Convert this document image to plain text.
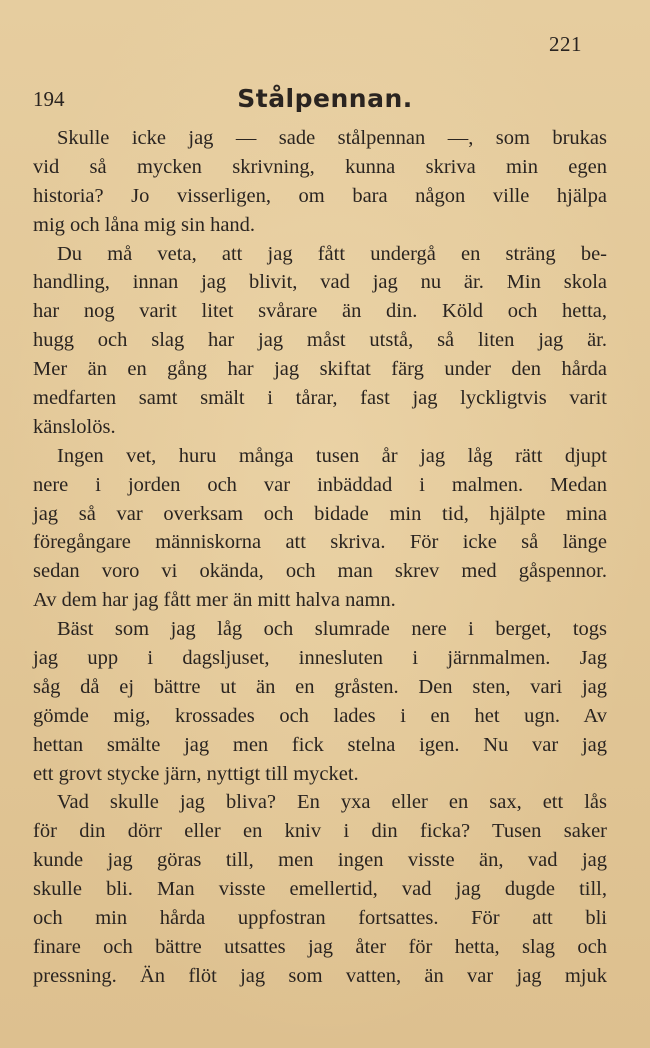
221
194	Stålpennan.
Skulle icke jag — sade stålpennan —, som brukas
vid så mycken skrivning, kunna skriva min egen
historia? Jo visserligen, om bara någon ville hjälpa
mig och låna mig sin hand.
Du må veta, att jag fått undergå en sträng be-
handling, innan jag blivit, vad jag nu är. Min skola
har nog varit litet svårare än din. Köld och hetta,
hugg och slag har jag måst utstå, så liten jag är.
Mer än en gång har jag skiftat färg under den hårda
medfarten samt smält i tårar, fast jag lyckligtvis varit
känslolös.
Ingen vet, huru många tusen år jag låg rätt djupt
nere i jorden och var inbäddad i malmen. Medan
jag så var overksam och bidade min tid, hjälpte mina
föregångare människorna att skriva. För icke så länge
sedan voro vi okända, och man skrev med gåspennor.
Av dem har jag fått mer än mitt halva namn.
Bäst som jag låg och slumrade nere i berget, togs
jag upp i dagsljuset, innesluten i järnmalmen. Jag
såg då ej bättre ut än en gråsten. Den sten, vari jag
gömde mig, krossades och lades i en het ugn. Av
hettan smälte jag men fick stelna igen. Nu var jag
ett grovt stycke järn, nyttigt till mycket.
Vad skulle jag bliva? En yxa eller en sax, ett lås
för din dörr eller en kniv i din ficka? Tusen saker
kunde jag göras till, men ingen visste än, vad jag
skulle bli. Man visste emellertid, vad jag dugde till,
och min hårda uppfostran fortsattes. För att bli
finare och bättre utsattes jag åter för hetta, slag och
pressning. Än flöt jag som vatten, än var jag mjuk
